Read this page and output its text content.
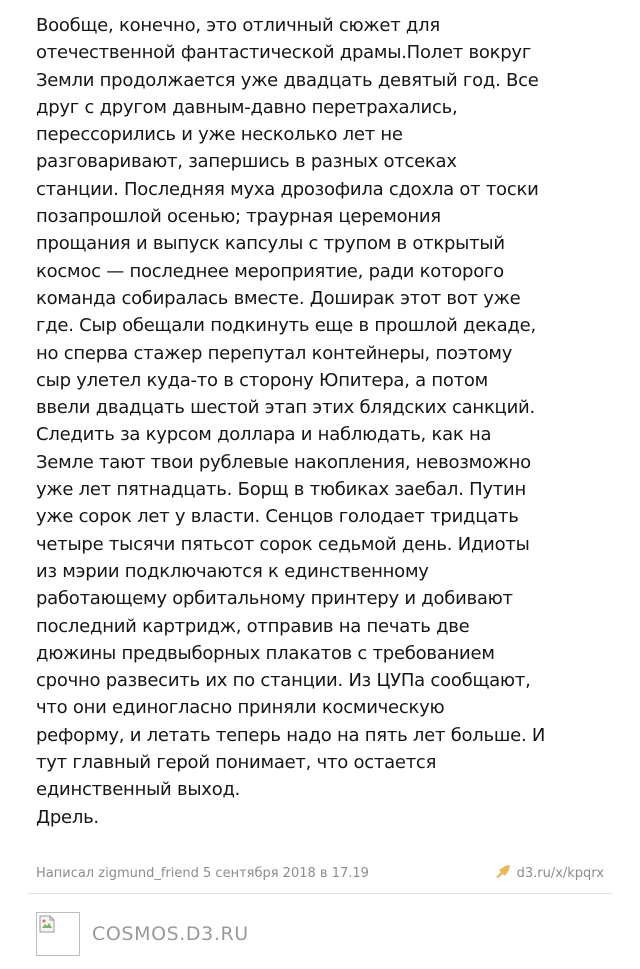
Вообще, конечно, это отличный сюжет для
отечественной фантастической драмы.Полет вокруг
Земли продолжается уже двадцать девятый год. Все
друг с другом давным-давно перетрахались,
перессорились и уже несколько лет не
разговаривают, запершись в разных отсеках
станции. Последняя муха дрозофила сдохла от тоски
позапрошлой осенью; траурная церемония
прощания и выпуск капсулы с трупом в открытый
космос — последнее мероприятие, ради которого
команда собиралась вместе. Доширак этот вот уже
где. Сыр обещали подкинуть еще в прошлой декаде,
но сперва стажер перепутал контейнеры, поэтому
сыр улетел куда-то в сторону Юпитера, а потом
ввели двадцать шестой этап этих блядских санкций.
Следить за курсом доллара и наблюдать, как на
Земле тают твои рублевые накопления, невозможно
уже лет пятнадцать. Борщ в тюбиках заебал. Путин
уже сорок лет у власти. Сенцов голодает тридцать
четыре тысячи пятьсот сорок седьмой день. Идиоты
из мэрии подключаются к единственному
работающему орбитальному принтеру и добивают
последний картридж, отправив на печать две
дюжины предвыборных плакатов с требованием
срочно развесить их по станции. Из ЦУПа сообщают,
что они единогласно приняли космическую
реформу, и летать теперь надо на пять лет больше. И
тут главный герой понимает, что остается
единственный выход.
Дрель.

Написал zigmund_friend 5 сентября 2018 в 17.19	d3.ru/x/kpqrx
COSMOS.D3.RU
